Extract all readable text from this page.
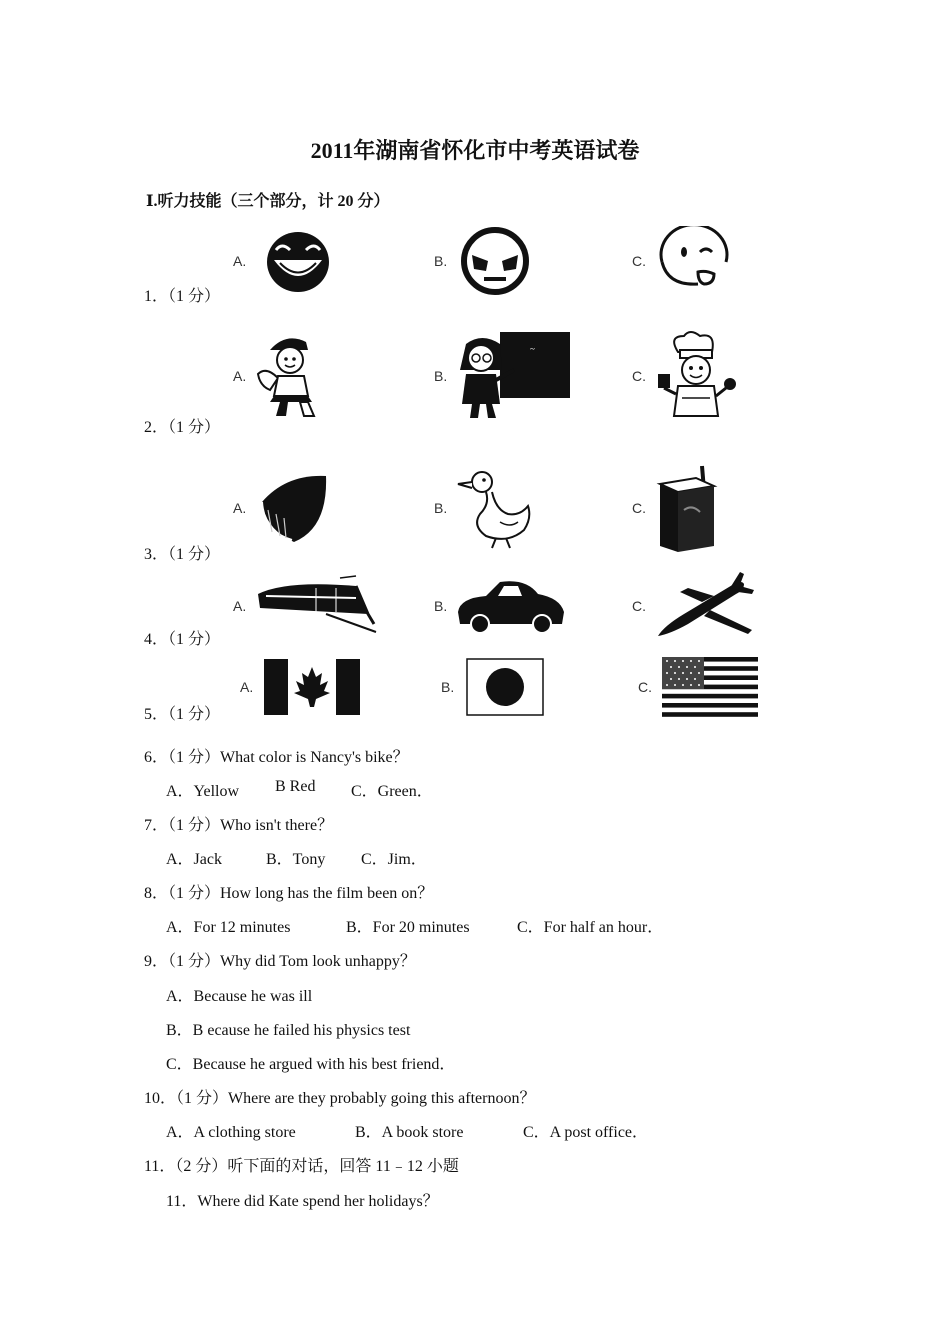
2011年湖南省怀化市中考英语试卷
Ⅰ.听力技能（三个部分，计 20 分）
1．（1 分）
A.	B.	C.
2．（1 分）
A.	B.
~
C.
3．（1 分）
A.	B.	C.
4．（1 分）
A.	B.	C.
5．（1 分）
A.	B.	C.
6．（1 分）What color is Nancy's bike？
A．Yellow B Red C．Green．
7．（1 分）Who isn't there？
A．Jack	B．Tony C．Jim．
8．（1 分）How long has the film been on？
A．For 12 minutes	B．For 20 minutes	C．For half an hour．
9．（1 分）Why did Tom look unhappy？
A．Because he was ill
B．B ecause he failed his physics test
C．Because he argued with his best friend．
10．（1 分）Where are they probably going this afternoon？
A．A clothing store	B．A book store	C．A post office．
11．（2 分）听下面的对话，回答 11﹣12 小题
11．Where did Kate spend her holidays？
